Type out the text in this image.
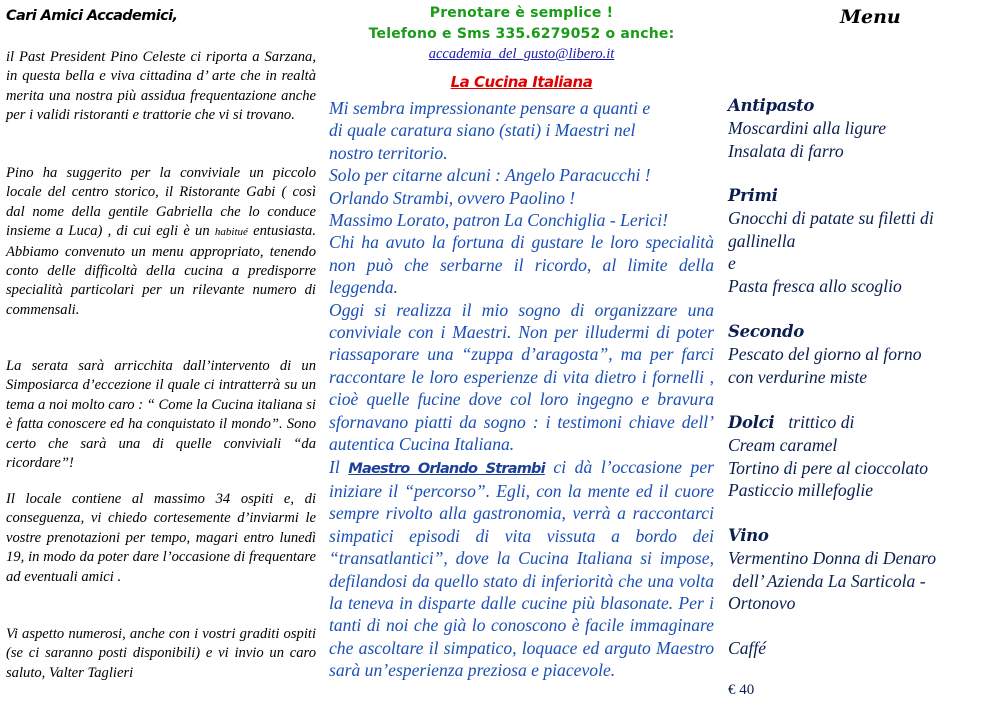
Cari Amici Accademici,
il Past President Pino Celeste ci riporta a Sarzana, in questa bella e viva cittadina d’ arte che in realtà merita una nostra più assidua frequentazione anche per i validi ristoranti e trattorie che vi si trovano.
Pino ha suggerito per la conviviale un piccolo locale del centro storico, il Ristorante Gabi ( così dal nome della gentile Gabriella che lo conduce insieme a Luca) , di cui egli è un habitué entusiasta. Abbiamo convenuto un menu appropriato, tenendo conto delle difficoltà della cucina a predisporre specialità particolari per un rilevante numero di commensali.
La serata sarà arricchita dall’intervento di un Simposiarca d’eccezione il quale ci intratterrà su un tema a noi molto caro : “ Come la Cucina italiana si è fatta conoscere ed ha conquistato il mondo”. Sono certo che sarà una di quelle conviviali “da ricordare”!
Il locale contiene al massimo 34 ospiti e, di conseguenza, vi chiedo cortesemente d’inviarmi le vostre prenotazioni per tempo, magari entro lunedì 19, in modo da poter dare l’occasione di frequentare ad eventuali amici .
Vi aspetto numerosi, anche con i vostri graditi ospiti (se ci saranno posti disponibili) e vi invio un caro saluto, Valter Taglieri
Prenotare è semplice !
Telefono e Sms 335.6279052 o anche:
accademia_del_gusto@libero.it
La Cucina Italiana
Mi sembra impressionante pensare a quanti e
di quale caratura siano (stati) i Maestri nel
nostro territorio.
Solo per citarne alcuni : Angelo Paracucchi !
Orlando Strambi, ovvero Paolino !
Massimo Lorato, patron La Conchiglia - Lerici!
Chi ha avuto la fortuna di gustare le loro specialità non può che serbarne il ricordo, al limite della leggenda.
Oggi si realizza il mio sogno di organizzare una conviviale con i Maestri. Non per illudermi di poter riassaporare una “zuppa d’aragosta”, ma per farci raccontare le loro esperienze di vita dietro i fornelli , cioè quelle fucine dove col loro ingegno e bravura sfornavano piatti da sogno : i testimoni chiave dell’ autentica Cucina Italiana.
Il Maestro Orlando Strambi ci dà l’occasione per iniziare il “percorso”. Egli, con la mente ed il cuore sempre rivolto alla gastronomia, verrà a raccontarci simpatici episodi di vita vissuta a bordo dei “transatlantici”, dove la Cucina Italiana si impose, defilandosi da quello stato di inferiorità che una volta la teneva in disparte dalle cucine più blasonate. Per i tanti di noi che già lo conoscono è facile immaginare che ascoltare il simpatico, loquace ed arguto Maestro sarà un’esperienza preziosa e piacevole.
Menu
Antipasto
Moscardini alla ligure
Insalata di farro
Primi
Gnocchi di patate su filetti di
gallinella
e
Pasta fresca allo scoglio
Secondo
Pescato del giorno al forno
con verdurine miste
Dolci trittico di
Cream caramel
Tortino di pere al cioccolato
Pasticcio millefoglie
Vino
Vermentino Donna di Denaro
dell’ Azienda La Sarticola -
Ortonovo
Caffé
€ 40
